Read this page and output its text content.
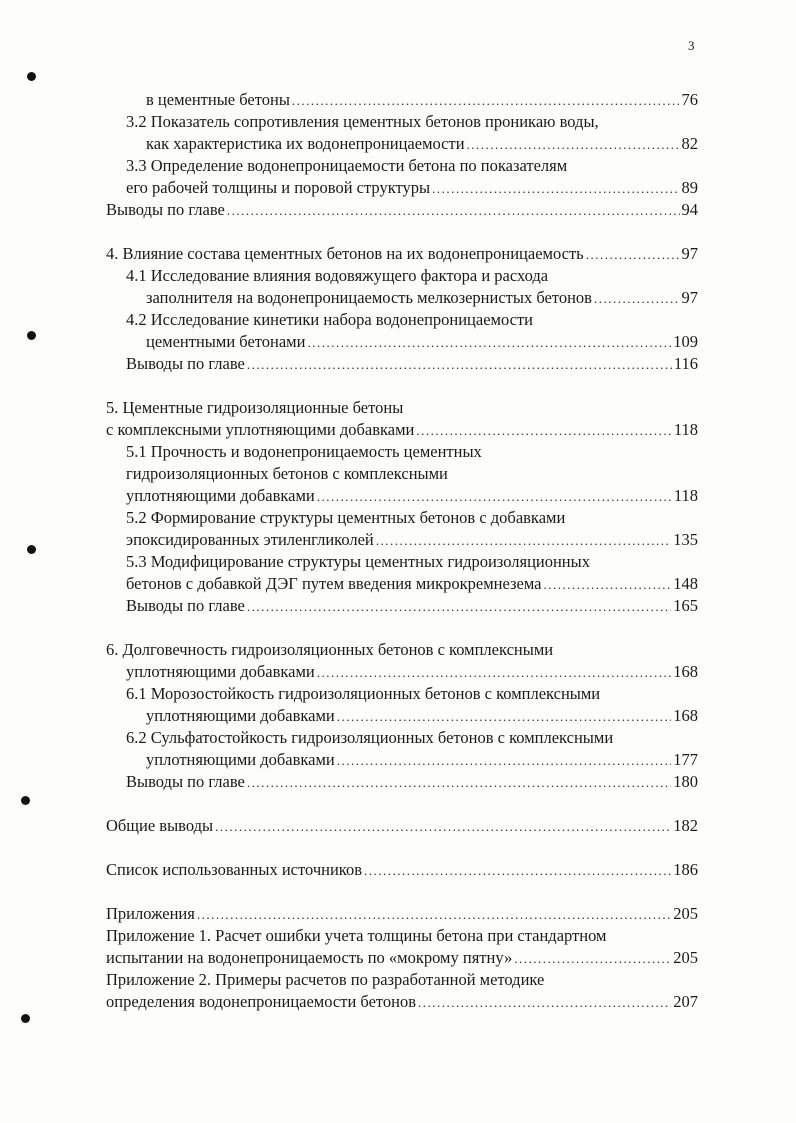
3
в цементные бетоны .....	76
3.2 Показатель сопротивления цементных бетонов проникаю воды,
как характеристика их водонепроницаемости .....	82
3.3 Определение водонепроницаемости бетона по показателям
его рабочей толщины и поровой структуры .....	89
Выводы по главе .....	94
4. Влияние состава цементных бетонов на их водонепроницаемость .....	97
4.1 Исследование влияния водовяжущего фактора и расхода
заполнителя на водонепроницаемость мелкозернистых бетонов .....	97
4.2 Исследование кинетики набора водонепроницаемости
цементными бетонами .....	109
Выводы по главе .....	116
5. Цементные гидроизоляционные бетоны
с комплексными уплотняющими добавками .....	118
5.1 Прочность и водонепроницаемость цементных
гидроизоляционных бетонов с комплексными
уплотняющими добавками .....	118
5.2 Формирование структуры цементных бетонов с добавками
эпоксидированных этиленгликолей .....	135
5.3 Модифицирование структуры цементных гидроизоляционных
бетонов с добавкой ДЭГ путем введения микрокремнезема .....	148
Выводы по главе .....	165
6. Долговечность гидроизоляционных бетонов с комплексными
уплотняющими добавками .....	168
6.1 Морозостойкость гидроизоляционных бетонов с комплексными
уплотняющими добавками .....	168
6.2 Сульфатостойкость гидроизоляционных бетонов с комплексными
уплотняющими добавками .....	177
Выводы по главе .....	180
Общие выводы .....	182
Список использованных источников .....	186
Приложения .....	205
Приложение 1. Расчет ошибки учета толщины бетона при стандартном
испытании на водонепроницаемость по «мокрому пятну» .....	205
Приложение 2. Примеры расчетов по разработанной методике
определения водонепроницаемости бетонов .....	207
